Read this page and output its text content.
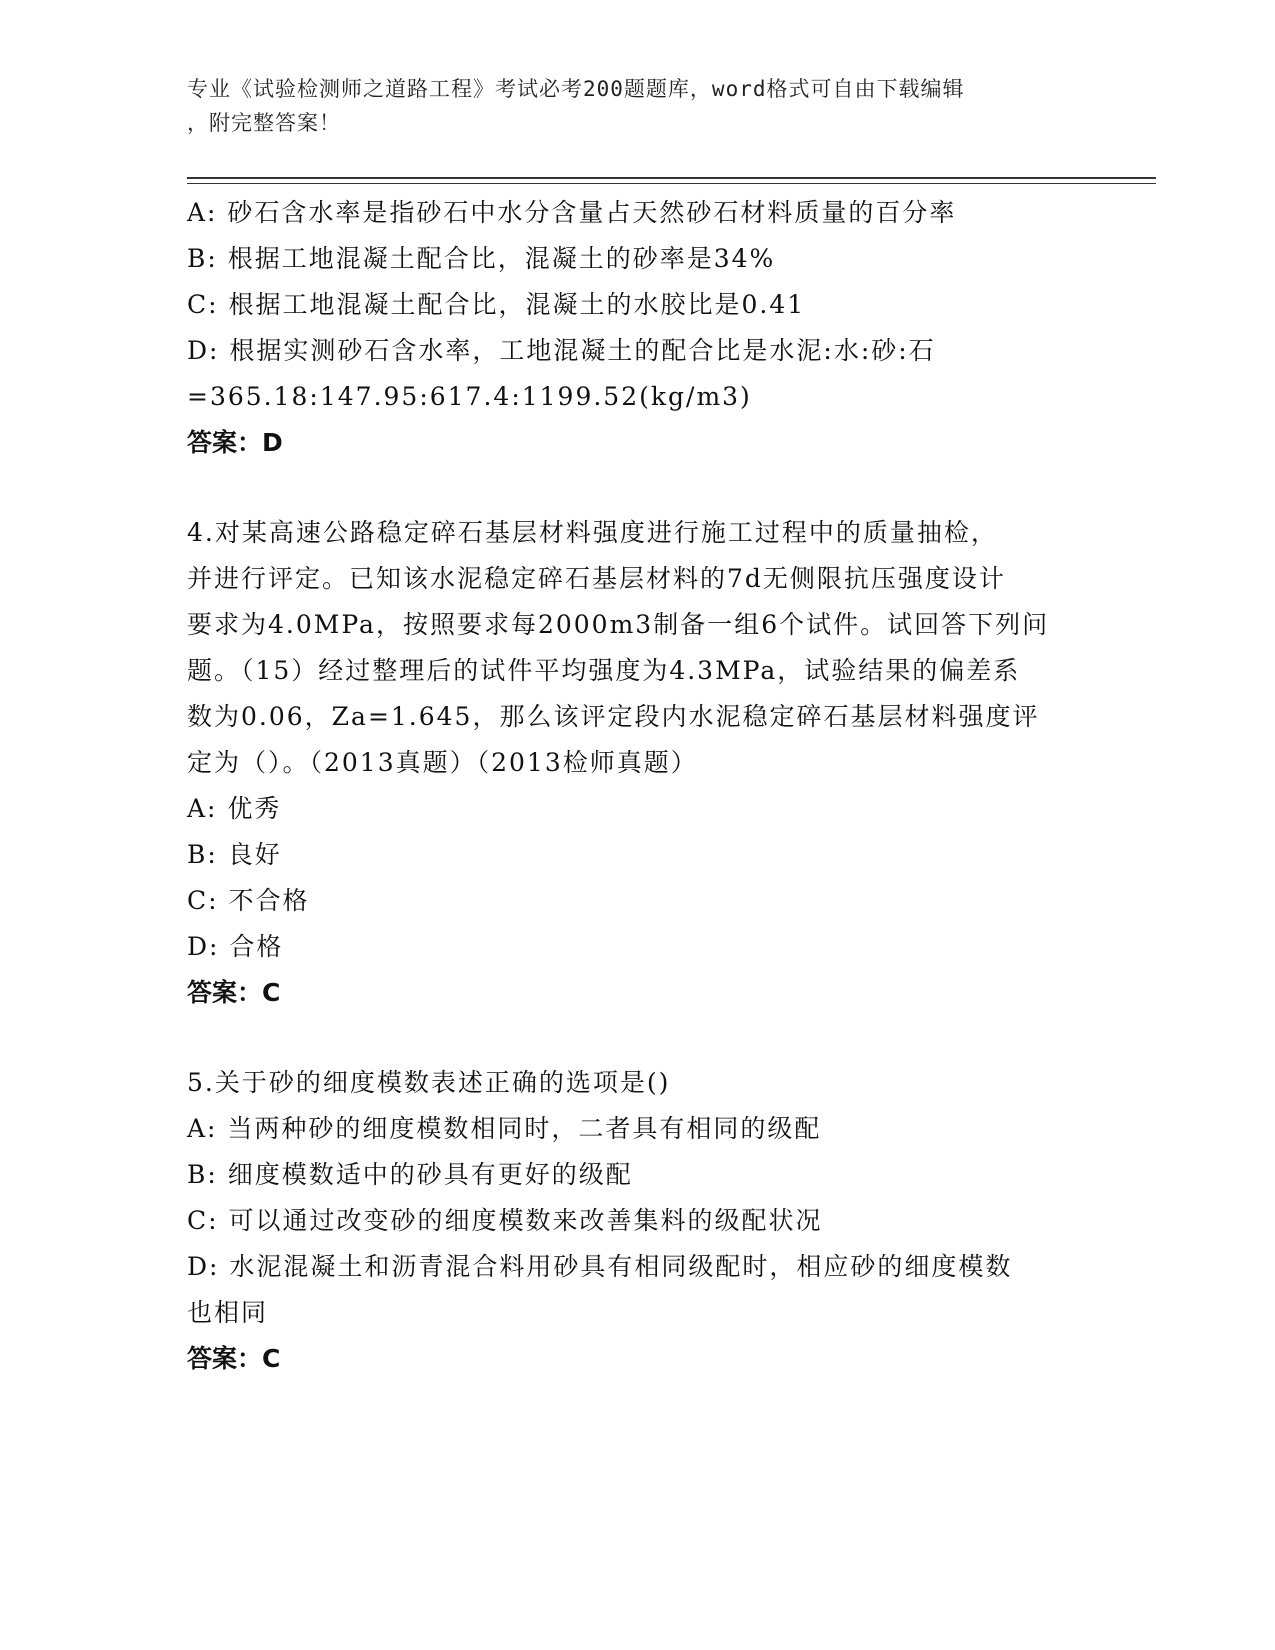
专业《试验检测师之道路工程》考试必考200题题库，word格式可自由下载编辑
，附完整答案！
A: 砂石含水率是指砂石中水分含量占天然砂石材料质量的百分率
B: 根据工地混凝土配合比，混凝土的砂率是34%
C: 根据工地混凝土配合比，混凝土的水胶比是0.41
D: 根据实测砂石含水率，工地混凝土的配合比是水泥:水:砂:石
=365.18:147.95:617.4:1199.52(kg/m3)
答案：D
4.对某高速公路稳定碎石基层材料强度进行施工过程中的质量抽检，
并进行评定。已知该水泥稳定碎石基层材料的7d无侧限抗压强度设计
要求为4.0MPa，按照要求每2000m3制备一组6个试件。试回答下列问
题。（15）经过整理后的试件平均强度为4.3MPa，试验结果的偏差系
数为0.06，Za=1.645，那么该评定段内水泥稳定碎石基层材料强度评
定为（）。（2013真题）（2013检师真题）
A: 优秀
B: 良好
C: 不合格
D: 合格
答案：C
5.关于砂的细度模数表述正确的选项是()
A: 当两种砂的细度模数相同时，二者具有相同的级配
B: 细度模数适中的砂具有更好的级配
C: 可以通过改变砂的细度模数来改善集料的级配状况
D: 水泥混凝土和沥青混合料用砂具有相同级配时，相应砂的细度模数
也相同
答案：C
